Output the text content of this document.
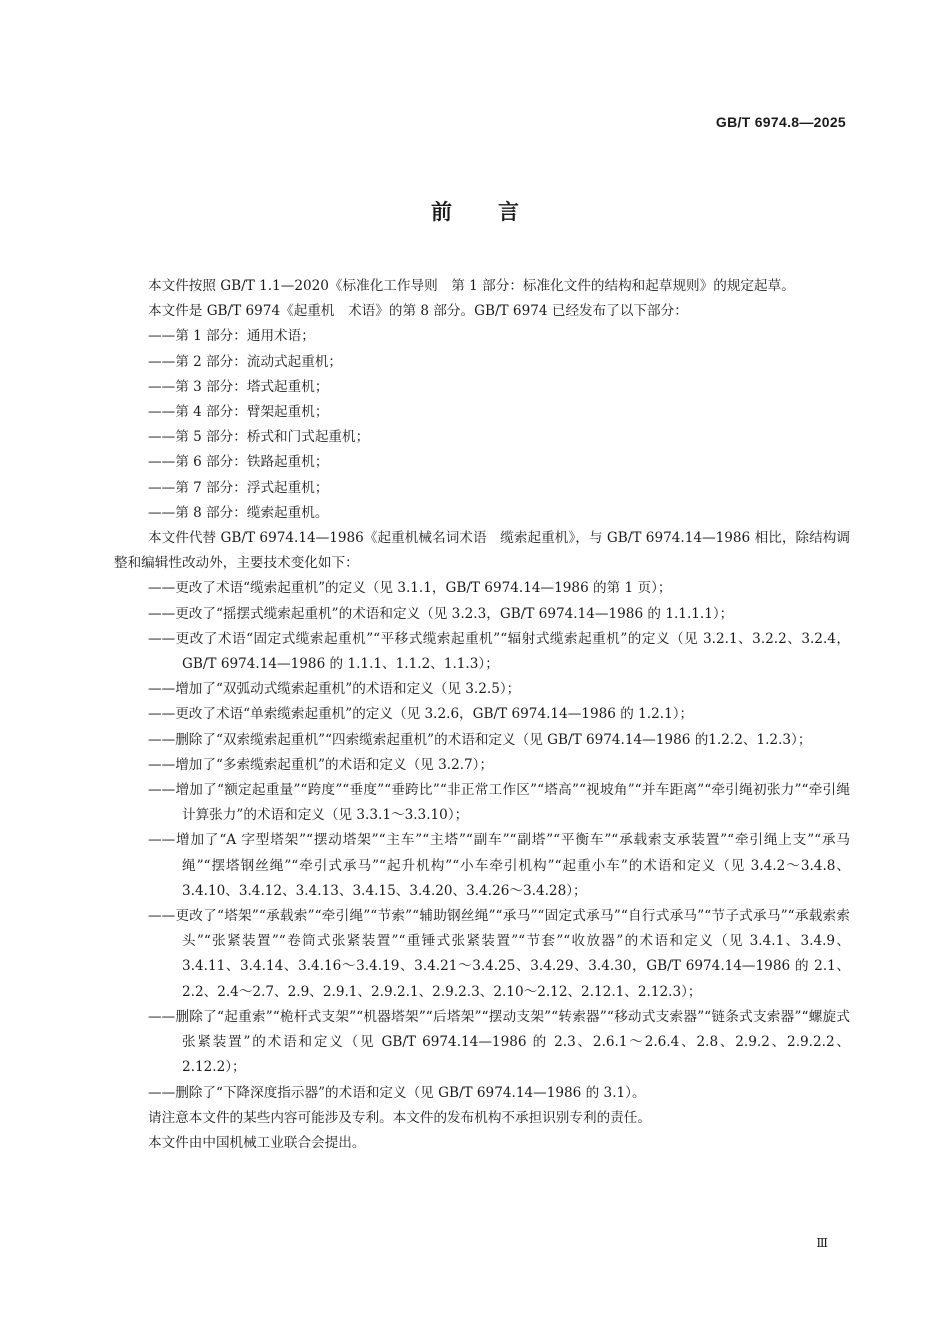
GB/T 6974.8—2025
前言

本文件按照 GB/T 1.1—2020《标准化工作导则　第 1 部分：标准化文件的结构和起草规则》的规定起草。

本文件是 GB/T 6974《起重机　术语》的第 8 部分。GB/T 6974 已经发布了以下部分：

——第 1 部分：通用术语；

——第 2 部分：流动式起重机；

——第 3 部分：塔式起重机；

——第 4 部分：臂架起重机；

——第 5 部分：桥式和门式起重机；

——第 6 部分：铁路起重机；

——第 7 部分：浮式起重机；

——第 8 部分：缆索起重机。

本文件代替 GB/T 6974.14—1986《起重机械名词术语　缆索起重机》，与 GB/T 6974.14—1986 相比，除结构调整和编辑性改动外，主要技术变化如下：

——更改了术语“缆索起重机”的定义（见 3.1.1，GB/T 6974.14—1986 的第 1 页）；

——更改了“摇摆式缆索起重机”的术语和定义（见 3.2.3，GB/T 6974.14—1986 的 1.1.1.1）；

——更改了术语“固定式缆索起重机”“平移式缆索起重机”“辐射式缆索起重机”的定义（见 3.2.1、3.2.2、3.2.4，GB/T 6974.14—1986 的 1.1.1、1.1.2、1.1.3）；

——增加了“双弧动式缆索起重机”的术语和定义（见 3.2.5）；

——更改了术语“单索缆索起重机”的定义（见 3.2.6，GB/T 6974.14—1986 的 1.2.1）；

——删除了“双索缆索起重机”“四索缆索起重机”的术语和定义（见 GB/T 6974.14—1986 的1.2.2、1.2.3）；

——增加了“多索缆索起重机”的术语和定义（见 3.2.7）；

——增加了“额定起重量”“跨度”“垂度”“垂跨比”“非正常工作区”“塔高”“视坡角”“并车距离”“牵引绳初张力”“牵引绳计算张力”的术语和定义（见 3.3.1～3.3.10）；

——增加了“A 字型塔架”“摆动塔架”“主车”“主塔”“副车”“副塔”“平衡车”“承载索支承装置”“牵引绳上支”“承马绳”“摆塔钢丝绳”“牵引式承马”“起升机构”“小车牵引机构”“起重小车”的术语和定义（见 3.4.2～3.4.8、3.4.10、3.4.12、3.4.13、3.4.15、3.4.20、3.4.26～3.4.28）；

——更改了“塔架”“承载索”“牵引绳”“节索”“辅助钢丝绳”“承马”“固定式承马”“自行式承马”“节子式承马”“承载索索头”“张紧装置”“卷筒式张紧装置”“重锤式张紧装置”“节套”“收放器”的术语和定义（见 3.4.1、3.4.9、3.4.11、3.4.14、3.4.16～3.4.19、3.4.21～3.4.25、3.4.29、3.4.30，GB/T 6974.14—1986 的 2.1、2.2、2.4～2.7、2.9、2.9.1、2.9.2.1、2.9.2.3、2.10～2.12、2.12.1、2.12.3）；

——删除了“起重索”“桅杆式支架”“机器塔架”“后塔架”“摆动支架”“转索器”“移动式支索器”“链条式支索器”“螺旋式张紧装置”的术语和定义（见 GB/T 6974.14—1986 的 2.3、2.6.1～2.6.4、2.8、2.9.2、2.9.2.2、2.12.2）；

——删除了“下降深度指示器”的术语和定义（见 GB/T 6974.14—1986 的 3.1）。

请注意本文件的某些内容可能涉及专利。本文件的发布机构不承担识别专利的责任。

本文件由中国机械工业联合会提出。

Ⅲ
